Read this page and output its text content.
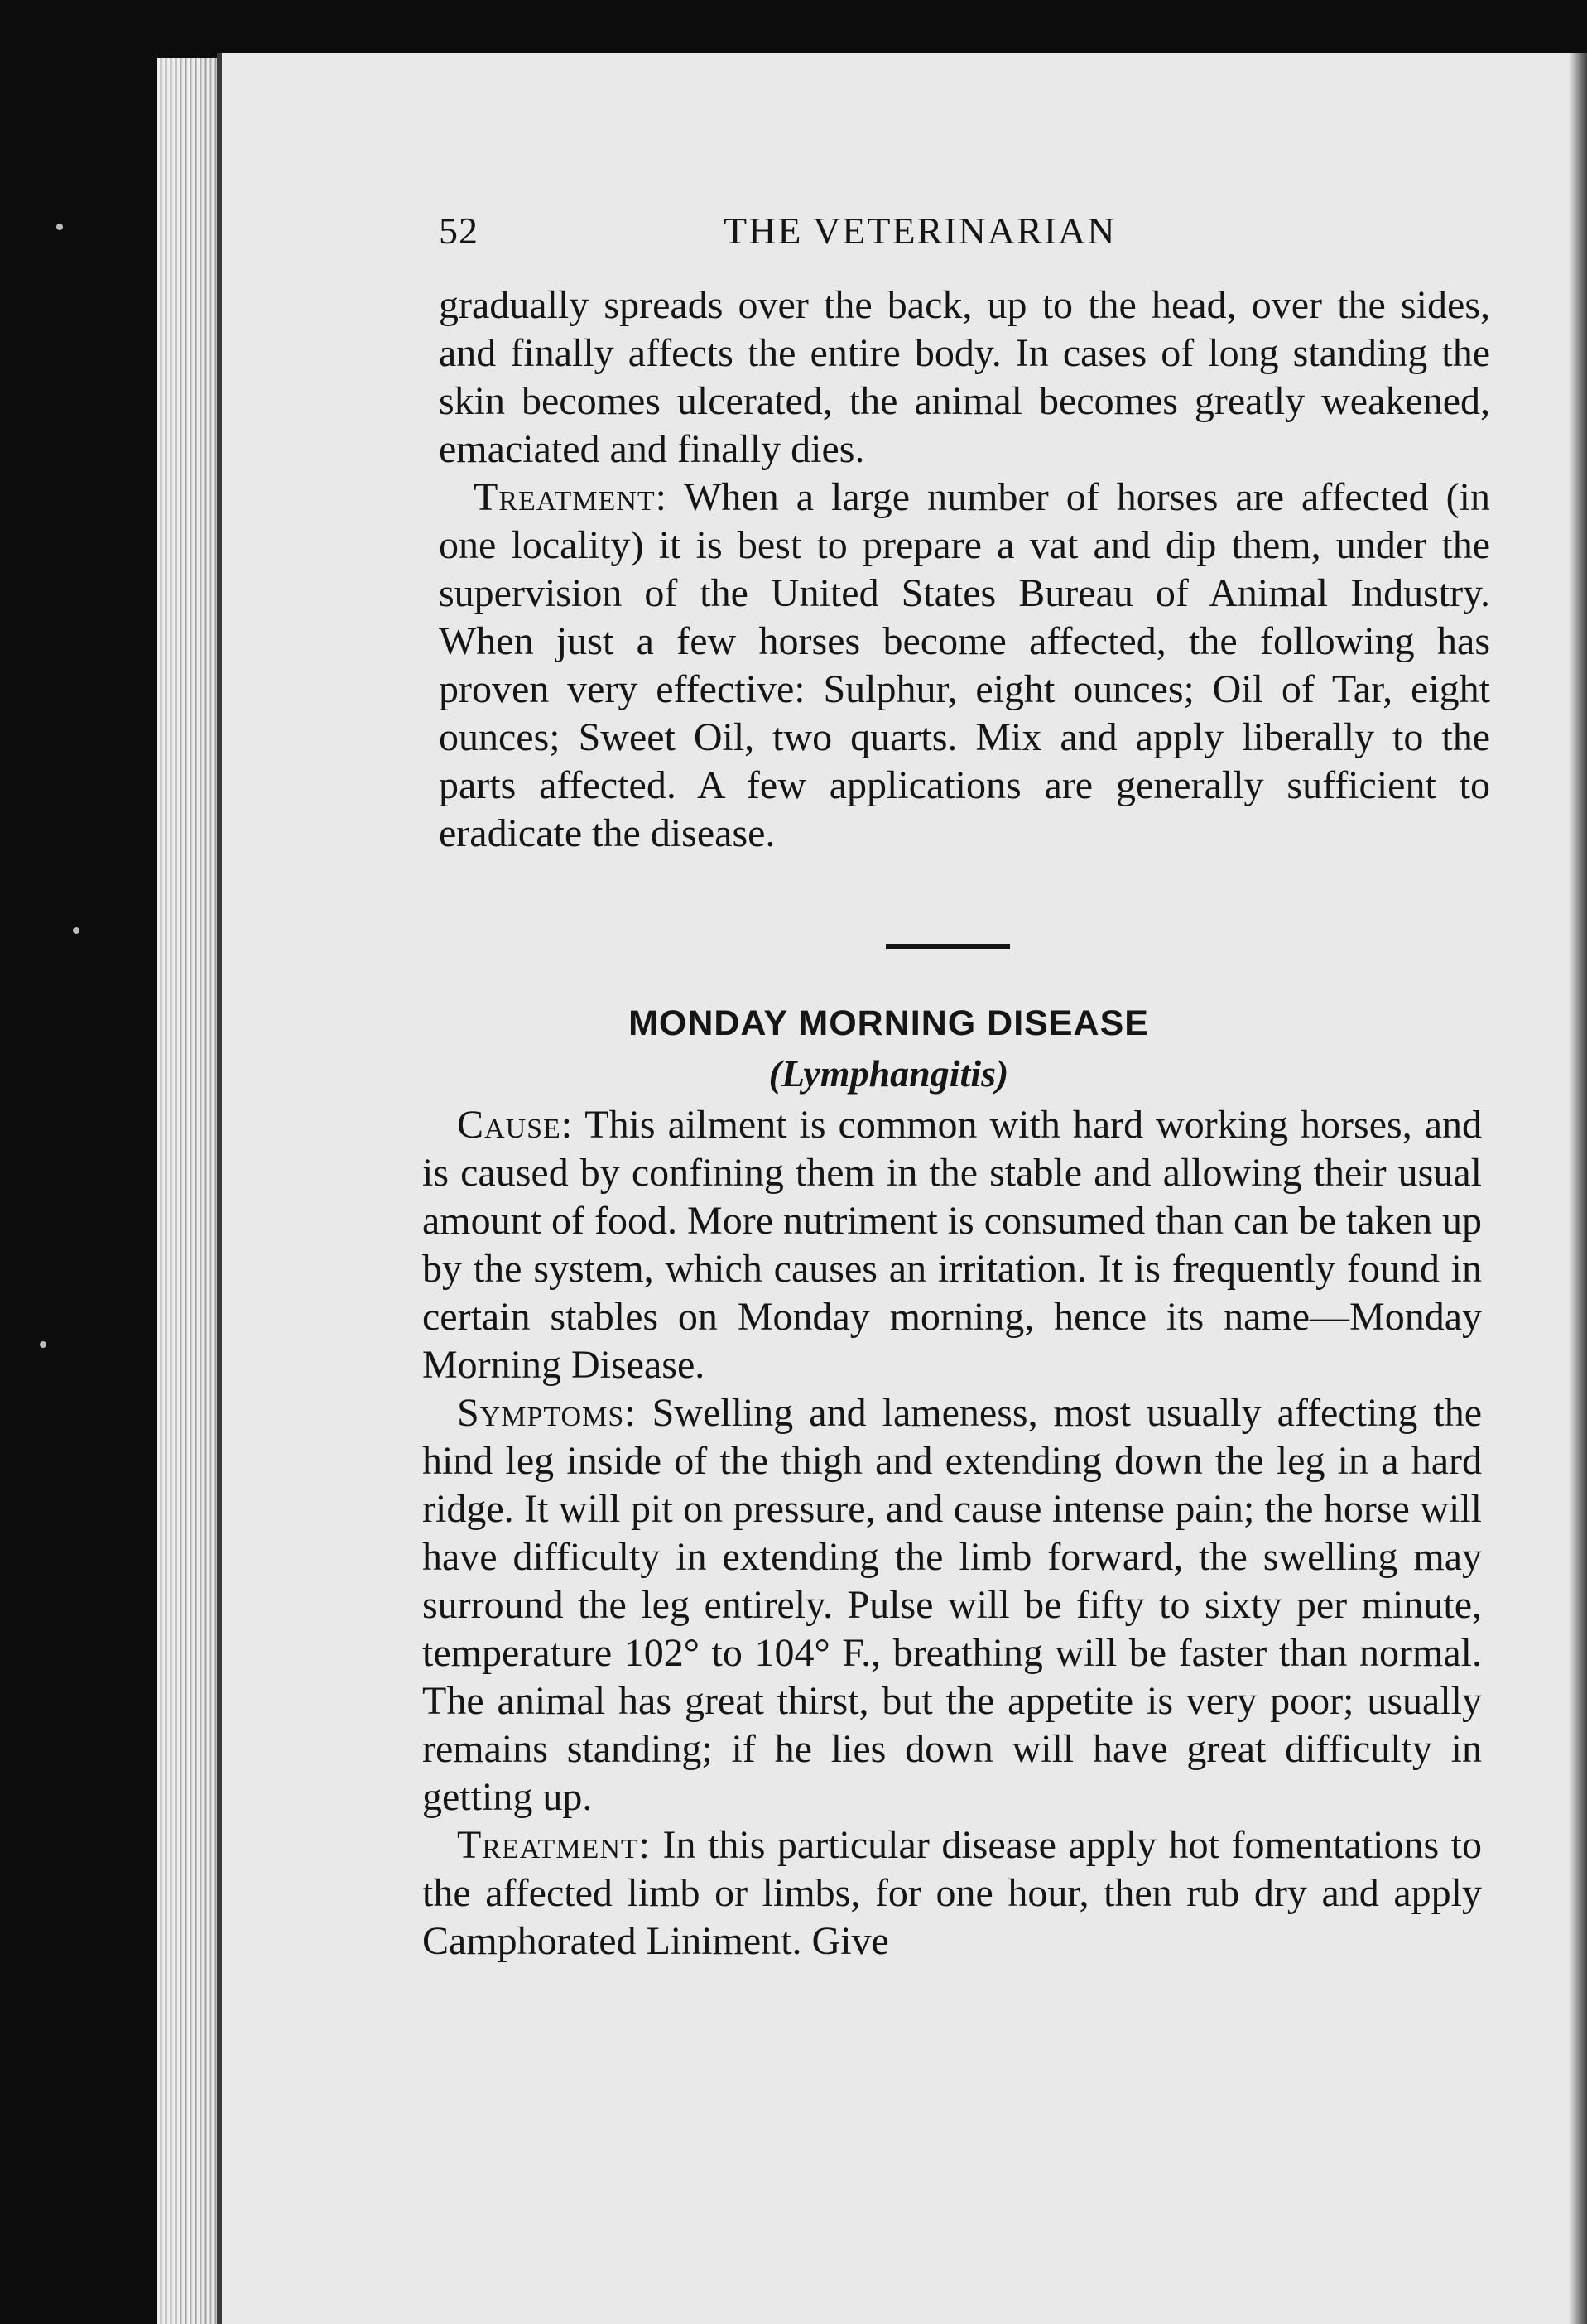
52	THE VETERINARIAN

gradually spreads over the back, up to the head, over the sides, and finally affects the entire body. In cases of long standing the skin becomes ulcerated, the animal becomes greatly weakened, emaciated and finally dies.

Treatment: When a large number of horses are affected (in one locality) it is best to prepare a vat and dip them, under the supervision of the United States Bureau of Animal Industry. When just a few horses become affected, the following has proven very effective: Sulphur, eight ounces; Oil of Tar, eight ounces; Sweet Oil, two quarts. Mix and apply liberally to the parts affected. A few applications are generally sufficient to eradicate the disease.

MONDAY MORNING DISEASE
(Lymphangitis)

Cause: This ailment is common with hard working horses, and is caused by confining them in the stable and allowing their usual amount of food. More nutriment is consumed than can be taken up by the system, which causes an irritation. It is frequently found in certain stables on Monday morning, hence its name—Monday Morning Disease.

Symptoms: Swelling and lameness, most usually affecting the hind leg inside of the thigh and extending down the leg in a hard ridge. It will pit on pressure, and cause intense pain; the horse will have difficulty in extending the limb forward, the swelling may surround the leg entirely. Pulse will be fifty to sixty per minute, temperature 102° to 104° F., breathing will be faster than normal. The animal has great thirst, but the appetite is very poor; usually remains standing; if he lies down will have great difficulty in getting up.

Treatment: In this particular disease apply hot fomentations to the affected limb or limbs, for one hour, then rub dry and apply Camphorated Liniment. Give
